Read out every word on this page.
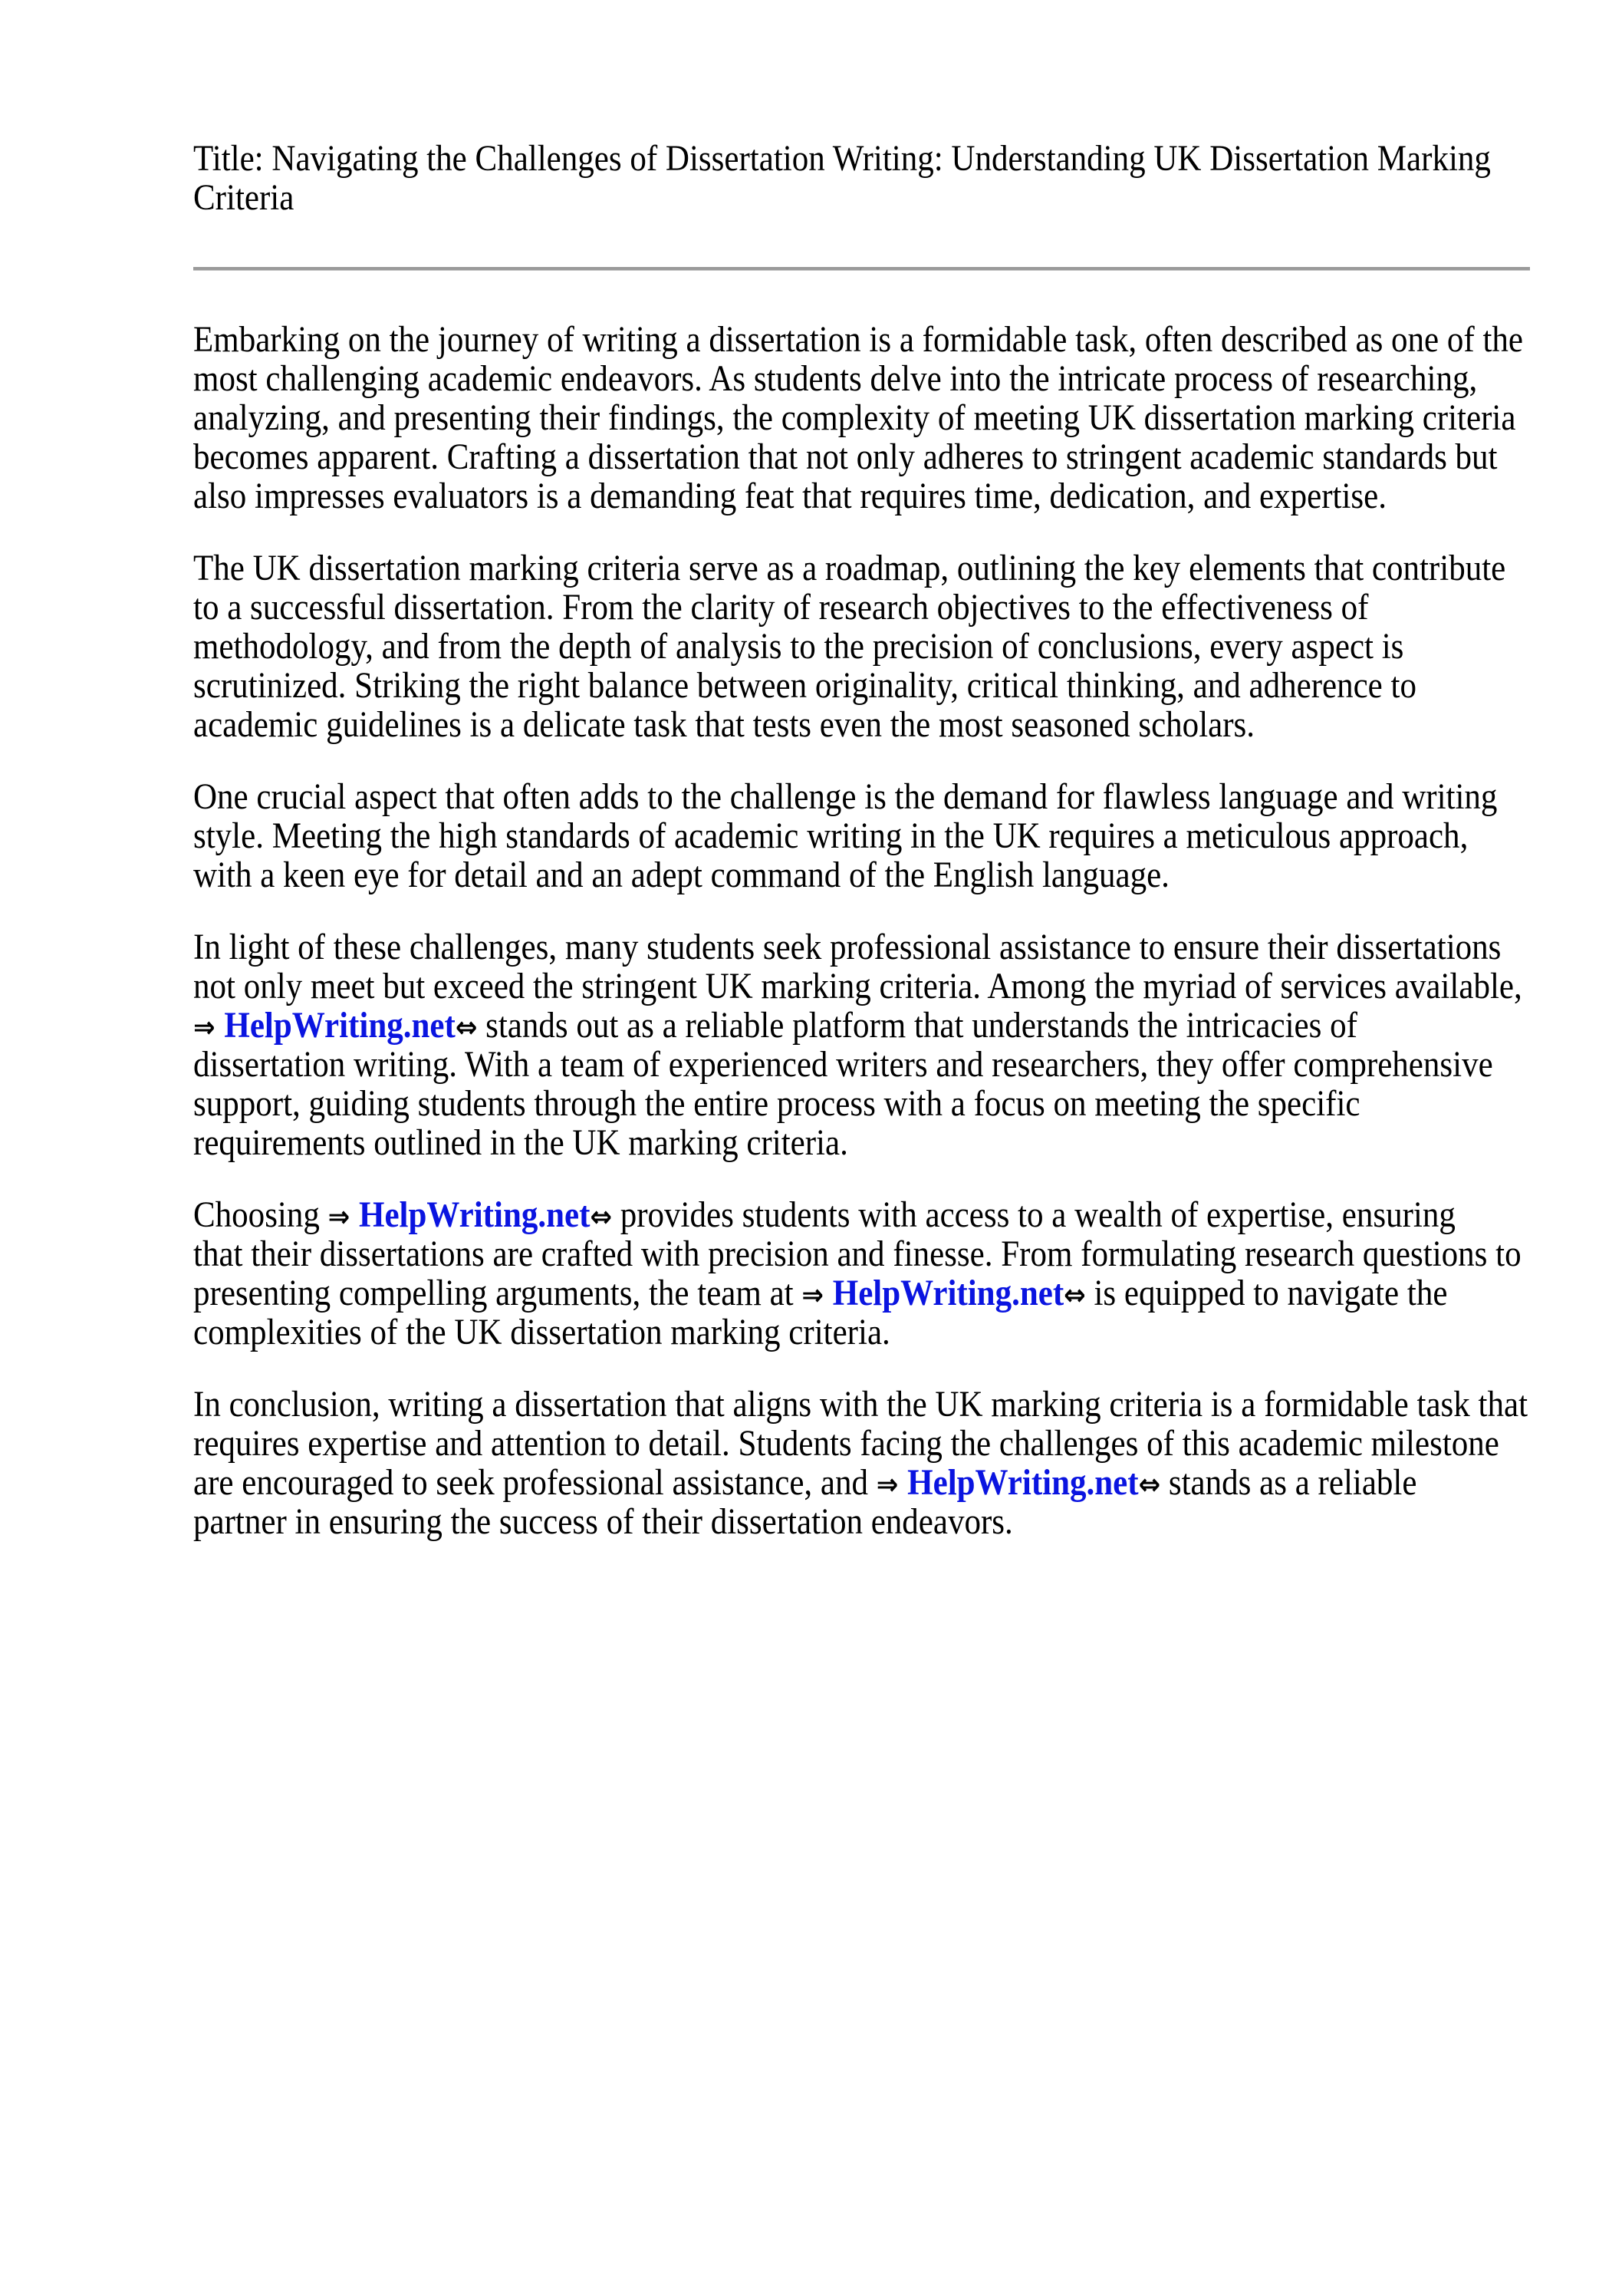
Title: Navigating the Challenges of Dissertation Writing: Understanding UK Dissertation Marking
Criteria
Embarking on the journey of writing a dissertation is a formidable task, often described as one of the
most challenging academic endeavors. As students delve into the intricate process of researching,
analyzing, and presenting their findings, the complexity of meeting UK dissertation marking criteria
becomes apparent. Crafting a dissertation that not only adheres to stringent academic standards but
also impresses evaluators is a demanding feat that requires time, dedication, and expertise.
The UK dissertation marking criteria serve as a roadmap, outlining the key elements that contribute
to a successful dissertation. From the clarity of research objectives to the effectiveness of
methodology, and from the depth of analysis to the precision of conclusions, every aspect is
scrutinized. Striking the right balance between originality, critical thinking, and adherence to
academic guidelines is a delicate task that tests even the most seasoned scholars.
One crucial aspect that often adds to the challenge is the demand for flawless language and writing
style. Meeting the high standards of academic writing in the UK requires a meticulous approach,
with a keen eye for detail and an adept command of the English language.
In light of these challenges, many students seek professional assistance to ensure their dissertations
not only meet but exceed the stringent UK marking criteria. Among the myriad of services available,
⇒ HelpWriting.net⇔ stands out as a reliable platform that understands the intricacies of
dissertation writing. With a team of experienced writers and researchers, they offer comprehensive
support, guiding students through the entire process with a focus on meeting the specific
requirements outlined in the UK marking criteria.
Choosing ⇒ HelpWriting.net⇔ provides students with access to a wealth of expertise, ensuring
that their dissertations are crafted with precision and finesse. From formulating research questions to
presenting compelling arguments, the team at ⇒ HelpWriting.net⇔ is equipped to navigate the
complexities of the UK dissertation marking criteria.
In conclusion, writing a dissertation that aligns with the UK marking criteria is a formidable task that
requires expertise and attention to detail. Students facing the challenges of this academic milestone
are encouraged to seek professional assistance, and ⇒ HelpWriting.net⇔ stands as a reliable
partner in ensuring the success of their dissertation endeavors.
